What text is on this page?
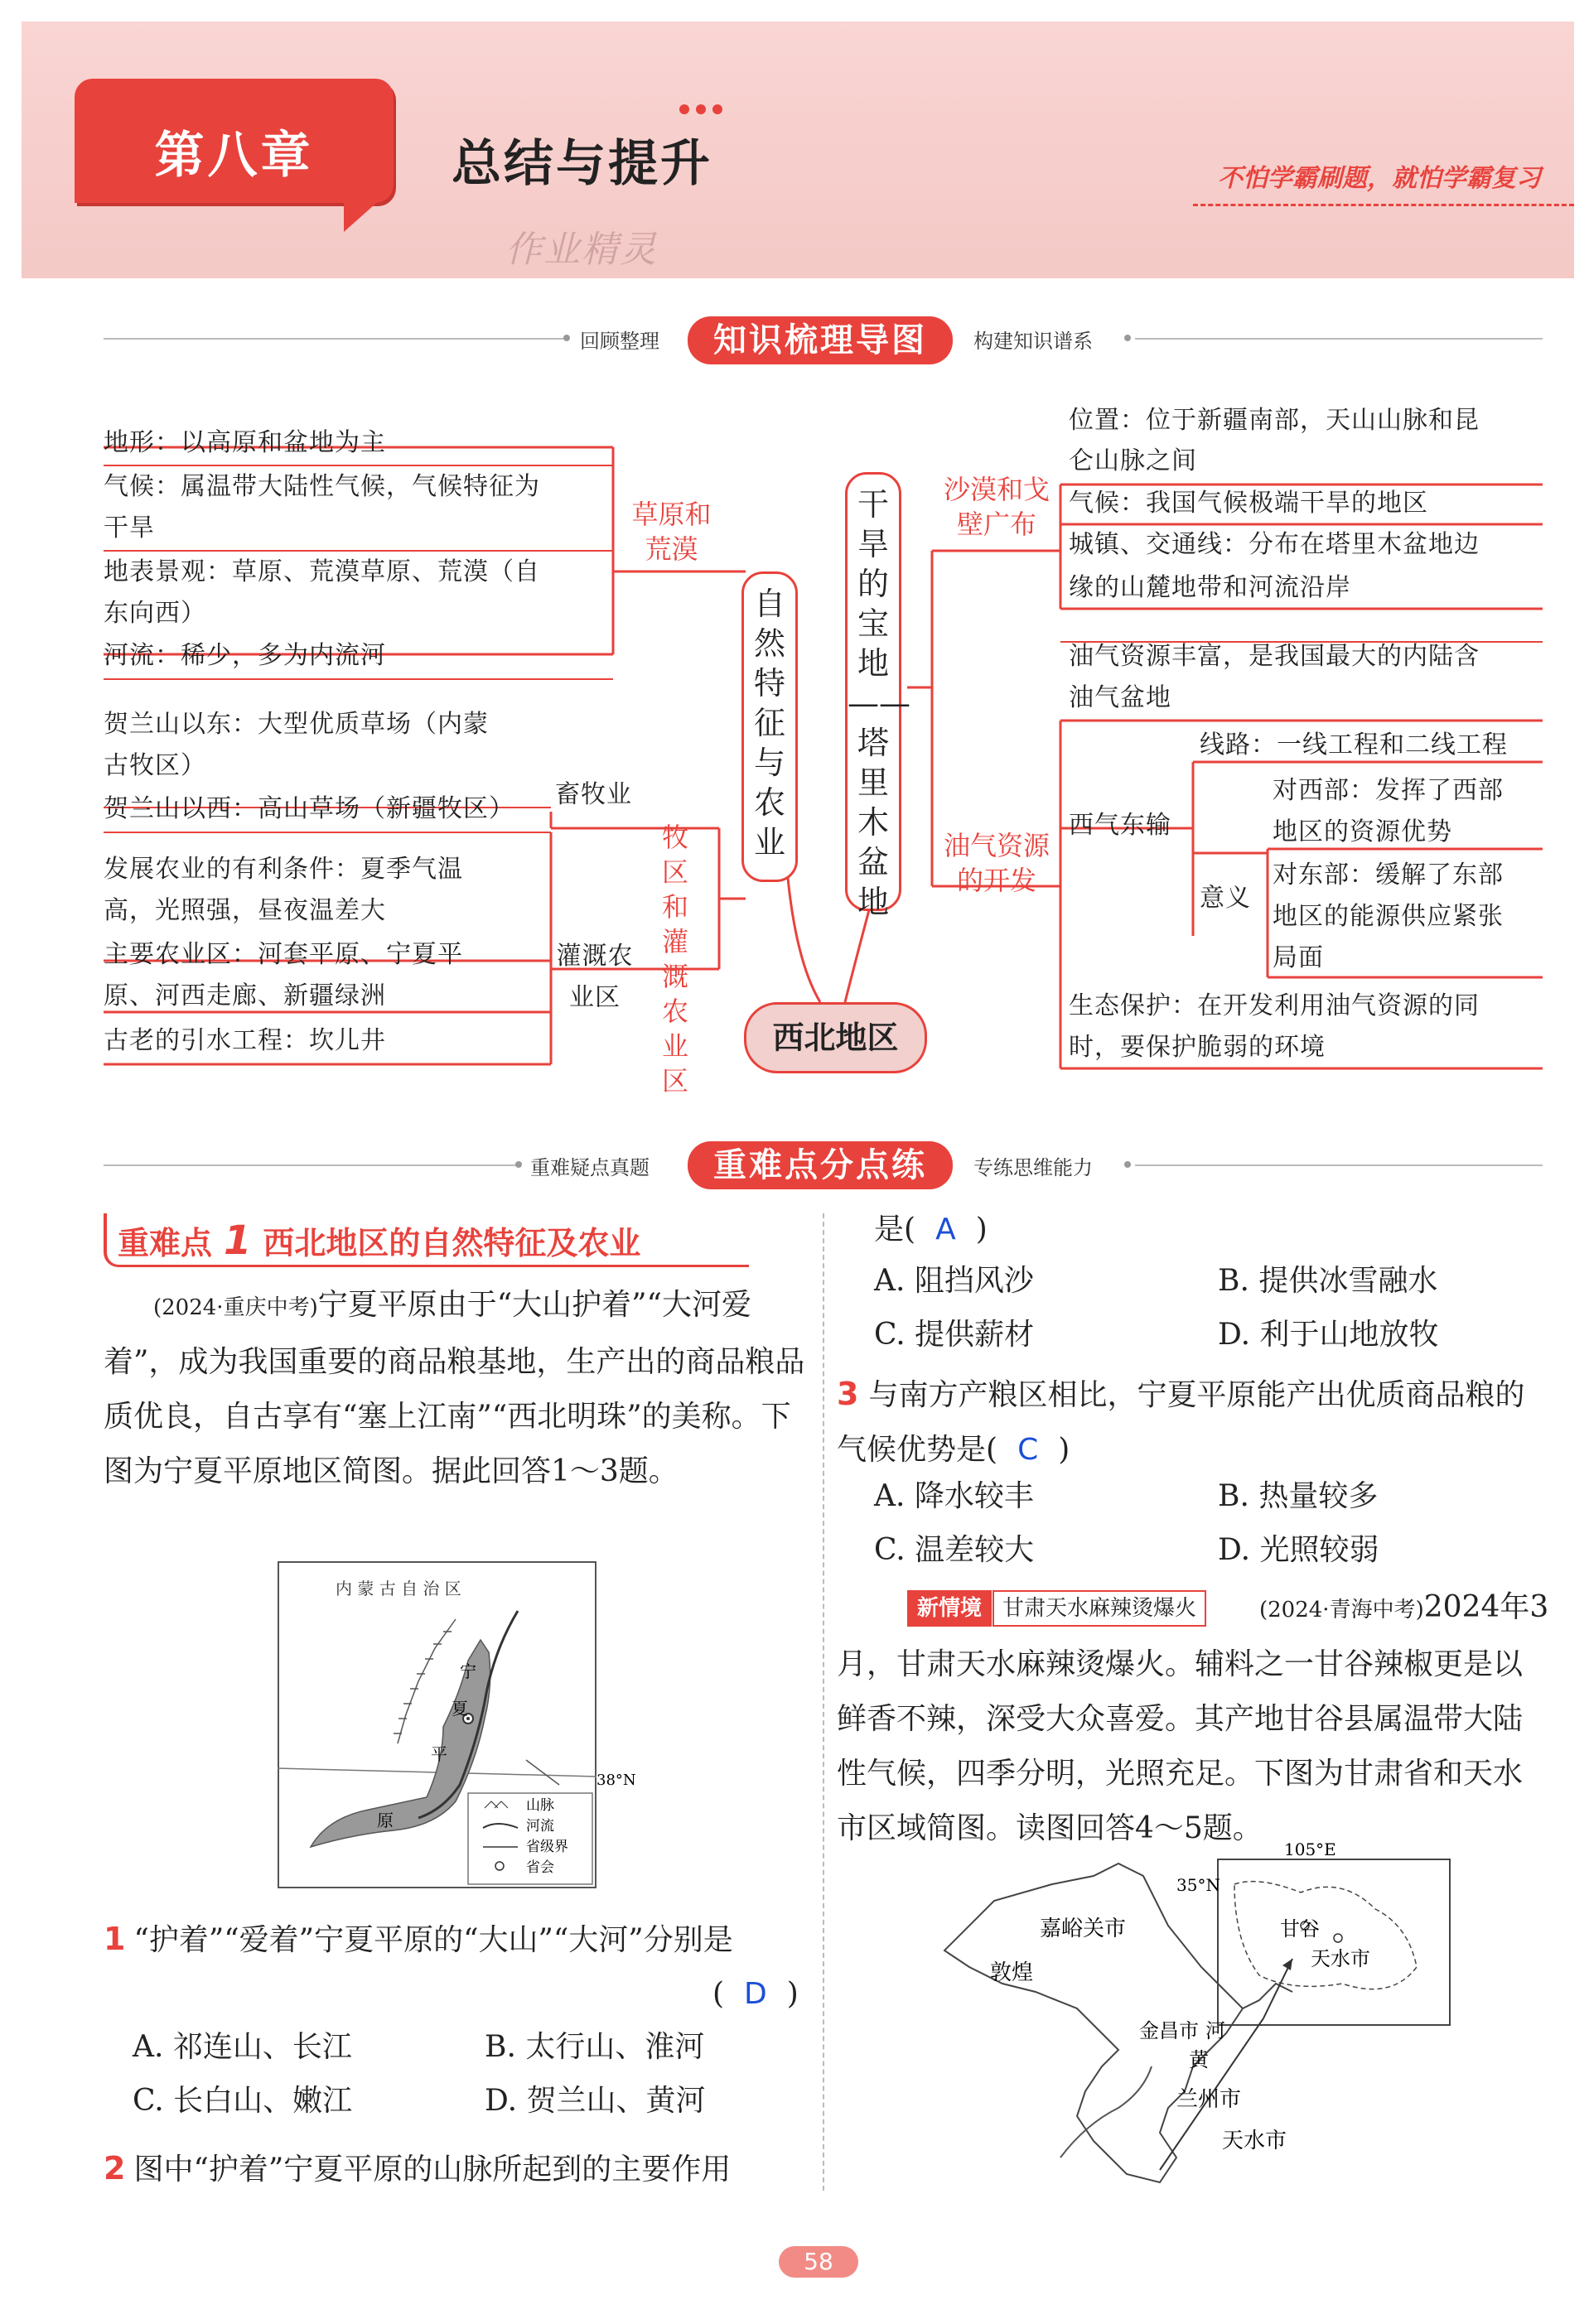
第八章	总结与提升	不怕学霸刷题，就怕学霸复习
作业精灵
回顾整理	知识梳理导图	构建知识谱系
地形：以高原和盆地为主
气候：属温带大陆性气候，气候特征为
干旱
地表景观：草原、荒漠草原、荒漠（自
东向西）
河流：稀少，多为内流河
草原和荒漠
贺兰山以东：大型优质草场（内蒙
古牧区）
贺兰山以西：高山草场（新疆牧区） 畜牧业
发展农业的有利条件：夏季气温
高，光照强，昼夜温差大
主要农业区：河套平原、宁夏平
原、河西走廊、新疆绿洲
古老的引水工程：坎儿井
灌溉农业区
牧区和灌溉农业区
自然特征与农业
干旱的宝地——塔里木盆地
西北地区
沙漠和戈壁广布
位置：位于新疆南部，天山山脉和昆
仑山脉之间
气候：我国气候极端干旱的地区
城镇、交通线：分布在塔里木盆地边
缘的山麓地带和河流沿岸
油气资源的开发
油气资源丰富，是我国最大的内陆含
油气盆地
西气东输
线路：一线工程和二线工程
意义
对西部：发挥了西部
地区的资源优势
对东部：缓解了东部
地区的能源供应紧张
局面
生态保护：在开发利用油气资源的同
时，要保护脆弱的环境
重难疑点真题	重难点分点练	专练思维能力
重难点 1 西北地区的自然特征及农业
(2024·重庆中考)宁夏平原由于“大山护着”“大河爱着”，成为我国重要的商品粮基地，生产出的商品粮品质优良，自古享有“塞上江南”“西北明珠”的美称。下图为宁夏平原地区简图。据此回答1～3题。
内 蒙 古 自 治 区
宁
夏
平
原
38°N
山脉
河流
省级界
省会
1 “护着”“爱着”宁夏平原的“大山”“大河”分别是
( D )
A. 祁连山、长江	B. 太行山、淮河
C. 长白山、嫩江	D. 贺兰山、黄河
2 图中“护着”宁夏平原的山脉所起到的主要作用
是( A )
A. 阻挡风沙	B. 提供冰雪融水
C. 提供薪材	D. 利于山地放牧
3 与南方产粮区相比，宁夏平原能产出优质商品粮的气候优势是( C )
A. 降水较丰	B. 热量较多
C. 温差较大	D. 光照较弱
新情境 甘肃天水麻辣烫爆火	(2024·青海中考)2024年3月，甘肃天水麻辣烫爆火。辅料之一甘谷辣椒更是以鲜香不辣，深受大众喜爱。其产地甘谷县属温带大陆性气候，四季分明，光照充足。下图为甘肃省和天水市区域简图。读图回答4～5题。
105°E
35°N
嘉峪关市
敦煌
金昌市 河
黄
兰州市
天水市
甘谷
天水市
58
